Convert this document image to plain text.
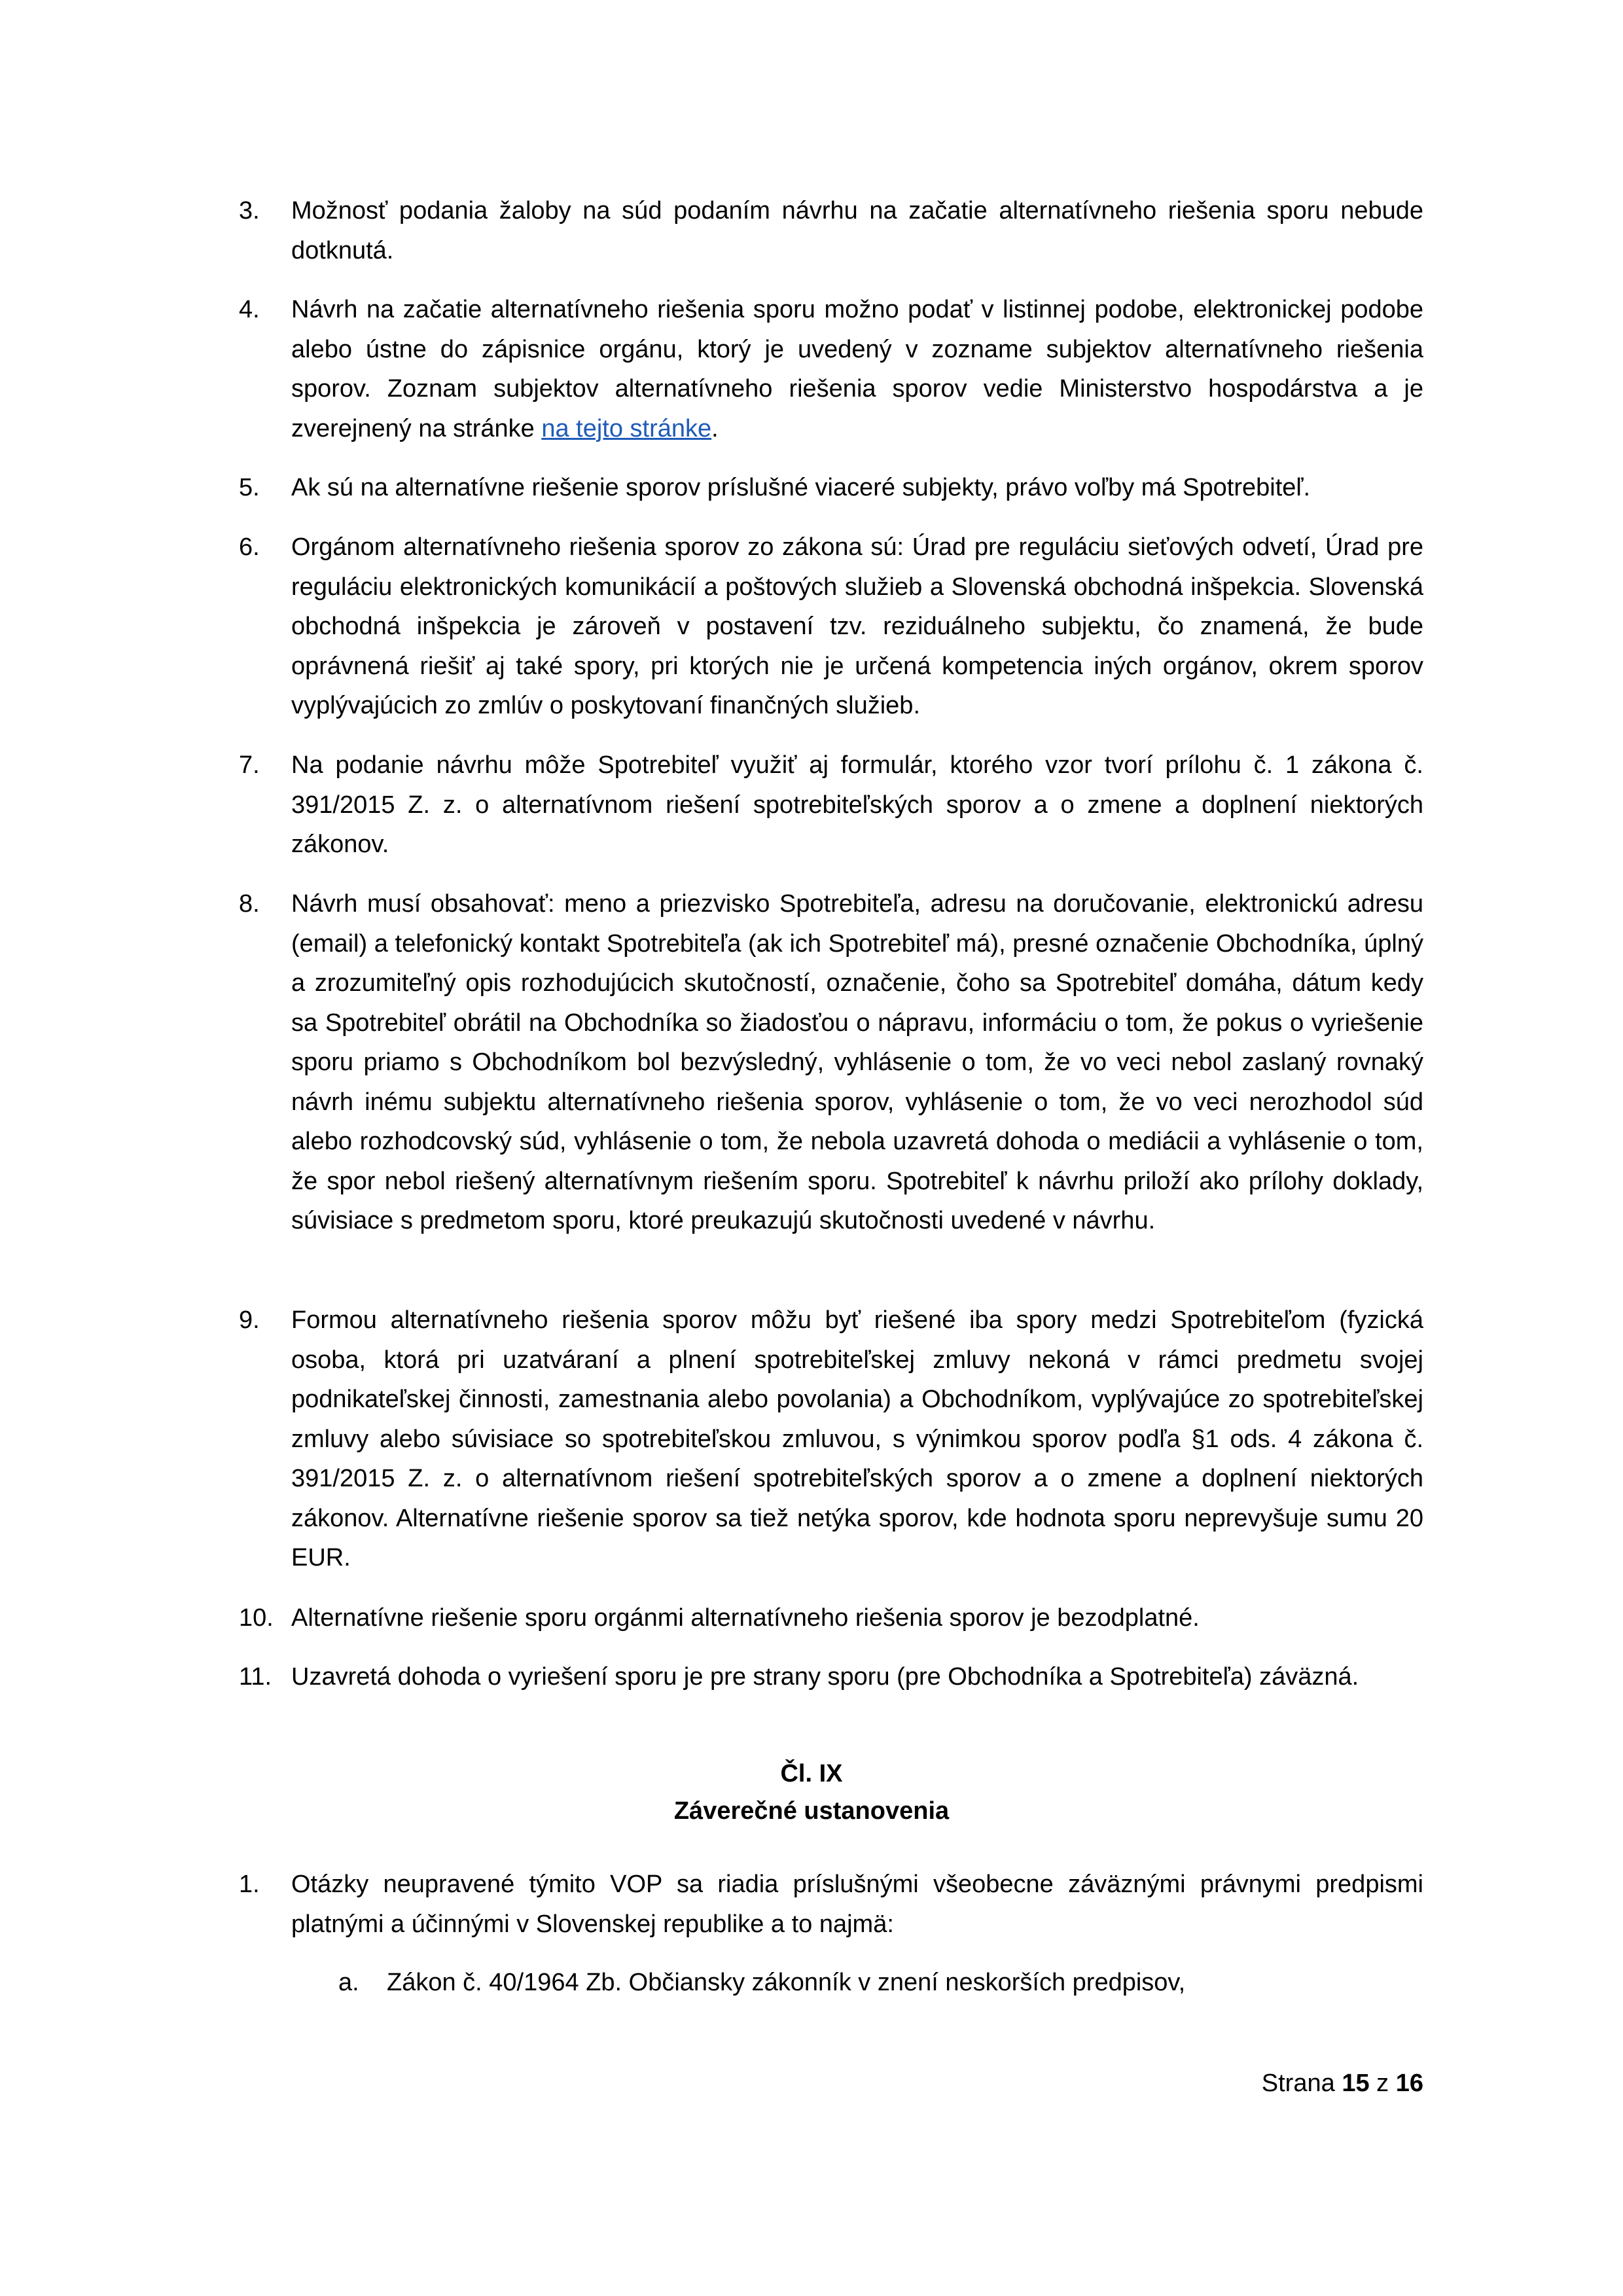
3.	Možnosť podania žaloby na súd podaním návrhu na začatie alternatívneho riešenia sporu nebude dotknutá.
4.	Návrh na začatie alternatívneho riešenia sporu možno podať v listinnej podobe, elektronickej podobe alebo ústne do zápisnice orgánu, ktorý je uvedený v zozname subjektov alternatívneho riešenia sporov. Zoznam subjektov alternatívneho riešenia sporov vedie Ministerstvo hospodárstva a je zverejnený na stránke na tejto stránke.
5.	Ak sú na alternatívne riešenie sporov príslušné viaceré subjekty, právo voľby má Spotrebiteľ.
6.	Orgánom alternatívneho riešenia sporov zo zákona sú: Úrad pre reguláciu sieťových odvetí, Úrad pre reguláciu elektronických komunikácií a poštových služieb a Slovenská obchodná inšpekcia. Slovenská obchodná inšpekcia je zároveň v postavení tzv. reziduálneho subjektu, čo znamená, že bude oprávnená riešiť aj také spory, pri ktorých nie je určená kompetencia iných orgánov, okrem sporov vyplývajúcich zo zmlúv o poskytovaní finančných služieb.
7.	Na podanie návrhu môže Spotrebiteľ využiť aj formulár, ktorého vzor tvorí prílohu č. 1 zákona č. 391/2015 Z. z. o alternatívnom riešení spotrebiteľských sporov a o zmene a doplnení niektorých zákonov.
8.	Návrh musí obsahovať: meno a priezvisko Spotrebiteľa, adresu na doručovanie, elektronickú adresu (email) a telefonický kontakt Spotrebiteľa (ak ich Spotrebiteľ má), presné označenie Obchodníka, úplný a zrozumiteľný opis rozhodujúcich skutočností, označenie, čoho sa Spotrebiteľ domáha, dátum kedy sa Spotrebiteľ obrátil na Obchodníka so žiadosťou o nápravu, informáciu o tom, že pokus o vyriešenie sporu priamo s Obchodníkom bol bezvýsledný, vyhlásenie o tom, že vo veci nebol zaslaný rovnaký návrh inému subjektu alternatívneho riešenia sporov, vyhlásenie o tom, že vo veci nerozhodol súd alebo rozhodcovský súd, vyhlásenie o tom, že nebola uzavretá dohoda o mediácii a vyhlásenie o tom, že spor nebol riešený alternatívnym riešením sporu. Spotrebiteľ k návrhu priloží ako prílohy doklady, súvisiace s predmetom sporu, ktoré preukazujú skutočnosti uvedené v návrhu.
9.	Formou alternatívneho riešenia sporov môžu byť riešené iba spory medzi Spotrebiteľom (fyzická osoba, ktorá pri uzatváraní a plnení spotrebiteľskej zmluvy nekoná v rámci predmetu svojej podnikateľskej činnosti, zamestnania alebo povolania) a Obchodníkom, vyplývajúce zo spotrebiteľskej zmluvy alebo súvisiace so spotrebiteľskou zmluvou, s výnimkou sporov podľa §1 ods. 4 zákona č. 391/2015 Z. z. o alternatívnom riešení spotrebiteľských sporov a o zmene a doplnení niektorých zákonov. Alternatívne riešenie sporov sa tiež netýka sporov, kde hodnota sporu neprevyšuje sumu 20 EUR.
10. Alternatívne riešenie sporu orgánmi alternatívneho riešenia sporov je bezodplatné.
11. Uzavretá dohoda o vyriešení sporu je pre strany sporu (pre Obchodníka a Spotrebiteľa) záväzná.
Čl. IX
Záverečné ustanovenia
1.	Otázky neupravené týmito VOP sa riadia príslušnými všeobecne záväznými právnymi predpismi platnými a účinnými v Slovenskej republike a to najmä:
a. Zákon č. 40/1964 Zb. Občiansky zákonník v znení neskorších predpisov,
Strana 15 z 16
